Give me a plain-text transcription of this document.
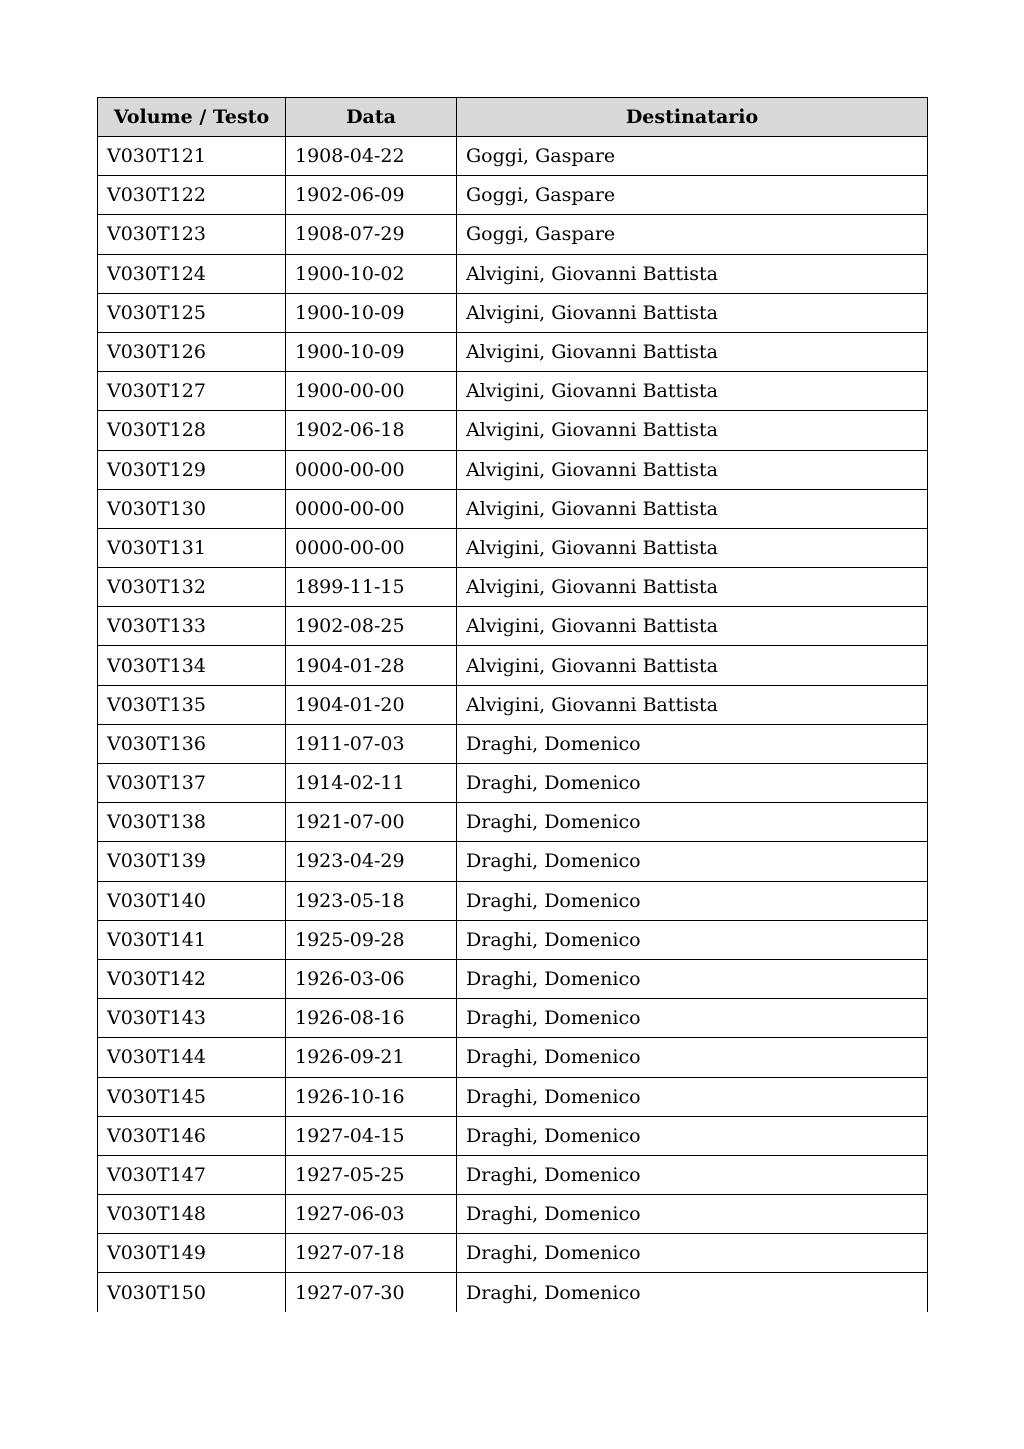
Volume / Testo	Data	Destinatario
V030T121	1908-04-22	Goggi, Gaspare
V030T122	1902-06-09	Goggi, Gaspare
V030T123	1908-07-29	Goggi, Gaspare
V030T124	1900-10-02	Alvigini, Giovanni Battista
V030T125	1900-10-09	Alvigini, Giovanni Battista
V030T126	1900-10-09	Alvigini, Giovanni Battista
V030T127	1900-00-00	Alvigini, Giovanni Battista
V030T128	1902-06-18	Alvigini, Giovanni Battista
V030T129	0000-00-00	Alvigini, Giovanni Battista
V030T130	0000-00-00	Alvigini, Giovanni Battista
V030T131	0000-00-00	Alvigini, Giovanni Battista
V030T132	1899-11-15	Alvigini, Giovanni Battista
V030T133	1902-08-25	Alvigini, Giovanni Battista
V030T134	1904-01-28	Alvigini, Giovanni Battista
V030T135	1904-01-20	Alvigini, Giovanni Battista
V030T136	1911-07-03	Draghi, Domenico
V030T137	1914-02-11	Draghi, Domenico
V030T138	1921-07-00	Draghi, Domenico
V030T139	1923-04-29	Draghi, Domenico
V030T140	1923-05-18	Draghi, Domenico
V030T141	1925-09-28	Draghi, Domenico
V030T142	1926-03-06	Draghi, Domenico
V030T143	1926-08-16	Draghi, Domenico
V030T144	1926-09-21	Draghi, Domenico
V030T145	1926-10-16	Draghi, Domenico
V030T146	1927-04-15	Draghi, Domenico
V030T147	1927-05-25	Draghi, Domenico
V030T148	1927-06-03	Draghi, Domenico
V030T149	1927-07-18	Draghi, Domenico
V030T150	1927-07-30	Draghi, Domenico
